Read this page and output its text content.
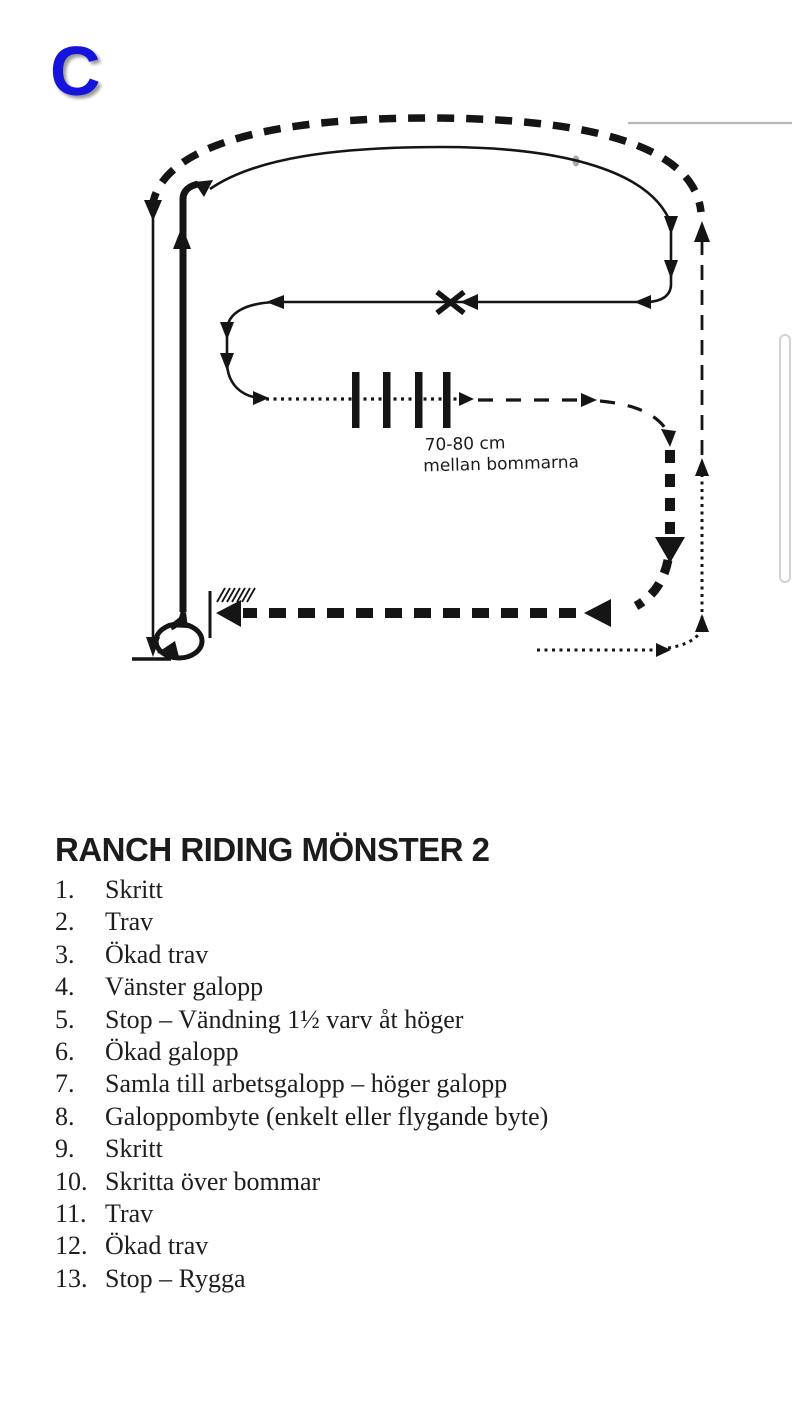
C
70-80 cm
mellan bommarna
RANCH RIDING MÖNSTER 2
1.	Skritt
2.	Trav
3.	Ökad trav
4.	Vänster galopp
5.	Stop – Vändning 1½ varv åt höger
6.	Ökad galopp
7.	Samla till arbetsgalopp – höger galopp
8.	Galoppombyte (enkelt eller flygande byte)
9.	Skritt
10. Skritta över bommar
11. Trav
12. Ökad trav
13. Stop – Rygga
